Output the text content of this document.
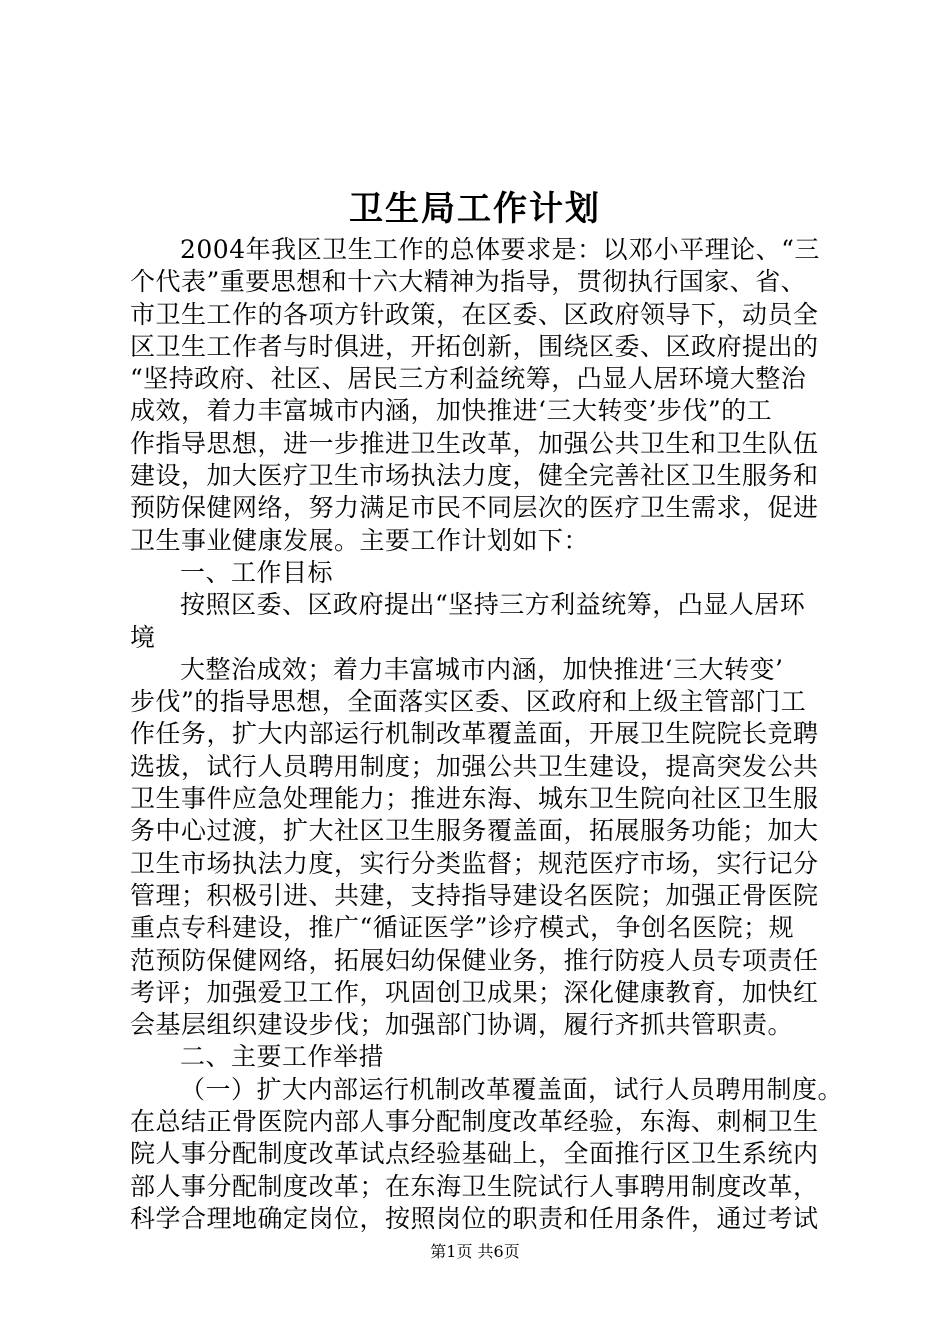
卫生局工作计划
2004年我区卫生工作的总体要求是：以邓小平理论、“三
个代表”重要思想和十六大精神为指导，贯彻执行国家、省、
市卫生工作的各项方针政策，在区委、区政府领导下，动员全
区卫生工作者与时俱进，开拓创新，围绕区委、区政府提出的
“坚持政府、社区、居民三方利益统筹，凸显人居环境大整治
成效，着力丰富城市内涵，加快推进‘三大转变’步伐”的工
作指导思想，进一步推进卫生改革，加强公共卫生和卫生队伍
建设，加大医疗卫生市场执法力度，健全完善社区卫生服务和
预防保健网络，努力满足市民不同层次的医疗卫生需求，促进
卫生事业健康发展。主要工作计划如下：
一、工作目标
按照区委、区政府提出“坚持三方利益统筹，凸显人居环
境
大整治成效；着力丰富城市内涵，加快推进‘三大转变’
步伐”的指导思想，全面落实区委、区政府和上级主管部门工
作任务，扩大内部运行机制改革覆盖面，开展卫生院院长竞聘
选拔，试行人员聘用制度；加强公共卫生建设，提高突发公共
卫生事件应急处理能力；推进东海、城东卫生院向社区卫生服
务中心过渡，扩大社区卫生服务覆盖面，拓展服务功能；加大
卫生市场执法力度，实行分类监督；规范医疗市场，实行记分
管理；积极引进、共建，支持指导建设名医院；加强正骨医院
重点专科建设，推广“循证医学”诊疗模式，争创名医院；规
范预防保健网络，拓展妇幼保健业务，推行防疫人员专项责任
考评；加强爱卫工作，巩固创卫成果；深化健康教育，加快红
会基层组织建设步伐；加强部门协调，履行齐抓共管职责。
二、主要工作举措
（一）扩大内部运行机制改革覆盖面，试行人员聘用制度。
在总结正骨医院内部人事分配制度改革经验，东海、刺桐卫生
院人事分配制度改革试点经验基础上，全面推行区卫生系统内
部人事分配制度改革；在东海卫生院试行人事聘用制度改革，
科学合理地确定岗位，按照岗位的职责和任用条件，通过考试
第1页 共6页
